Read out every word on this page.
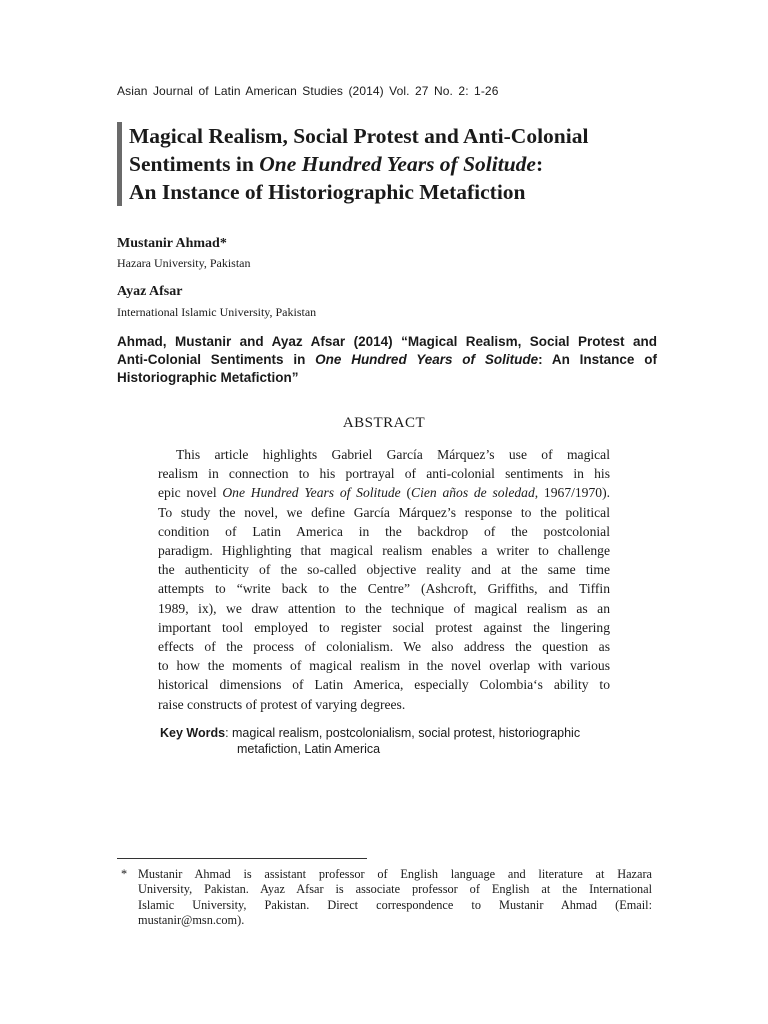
Asian Journal of Latin American Studies (2014) Vol. 27 No. 2: 1-26
Magical Realism, Social Protest and Anti-Colonial
Sentiments in One Hundred Years of Solitude:
An Instance of Historiographic Metafiction
Mustanir Ahmad*
Hazara University, Pakistan
Ayaz Afsar
International Islamic University, Pakistan
Ahmad, Mustanir and Ayaz Afsar (2014) “Magical Realism, Social Protest and
Anti-Colonial Sentiments in One Hundred Years of Solitude: An Instance of
Historiographic Metafiction”
ABSTRACT
This article highlights Gabriel García Márquez’s use of magical
realism in connection to his portrayal of anti-colonial sentiments in his
epic novel One Hundred Years of Solitude (Cien años de soledad, 1967/1970).
To study the novel, we define García Márquez’s response to the political
condition of Latin America in the backdrop of the postcolonial
paradigm. Highlighting that magical realism enables a writer to challenge
the authenticity of the so-called objective reality and at the same time
attempts to “write back to the Centre” (Ashcroft, Griffiths, and Tiffin
1989, ix), we draw attention to the technique of magical realism as an
important tool employed to register social protest against the lingering
effects of the process of colonialism. We also address the question as
to how the moments of magical realism in the novel overlap with various
historical dimensions of Latin America, especially Colombia‘s ability to
raise constructs of protest of varying degrees.
Key Words: magical realism, postcolonialism, social protest, historiographic
metafiction, Latin America
* Mustanir Ahmad is assistant professor of English language and literature at Hazara
University, Pakistan. Ayaz Afsar is associate professor of English at the International
Islamic University, Pakistan. Direct correspondence to Mustanir Ahmad (Email:
mustanir@msn.com).
